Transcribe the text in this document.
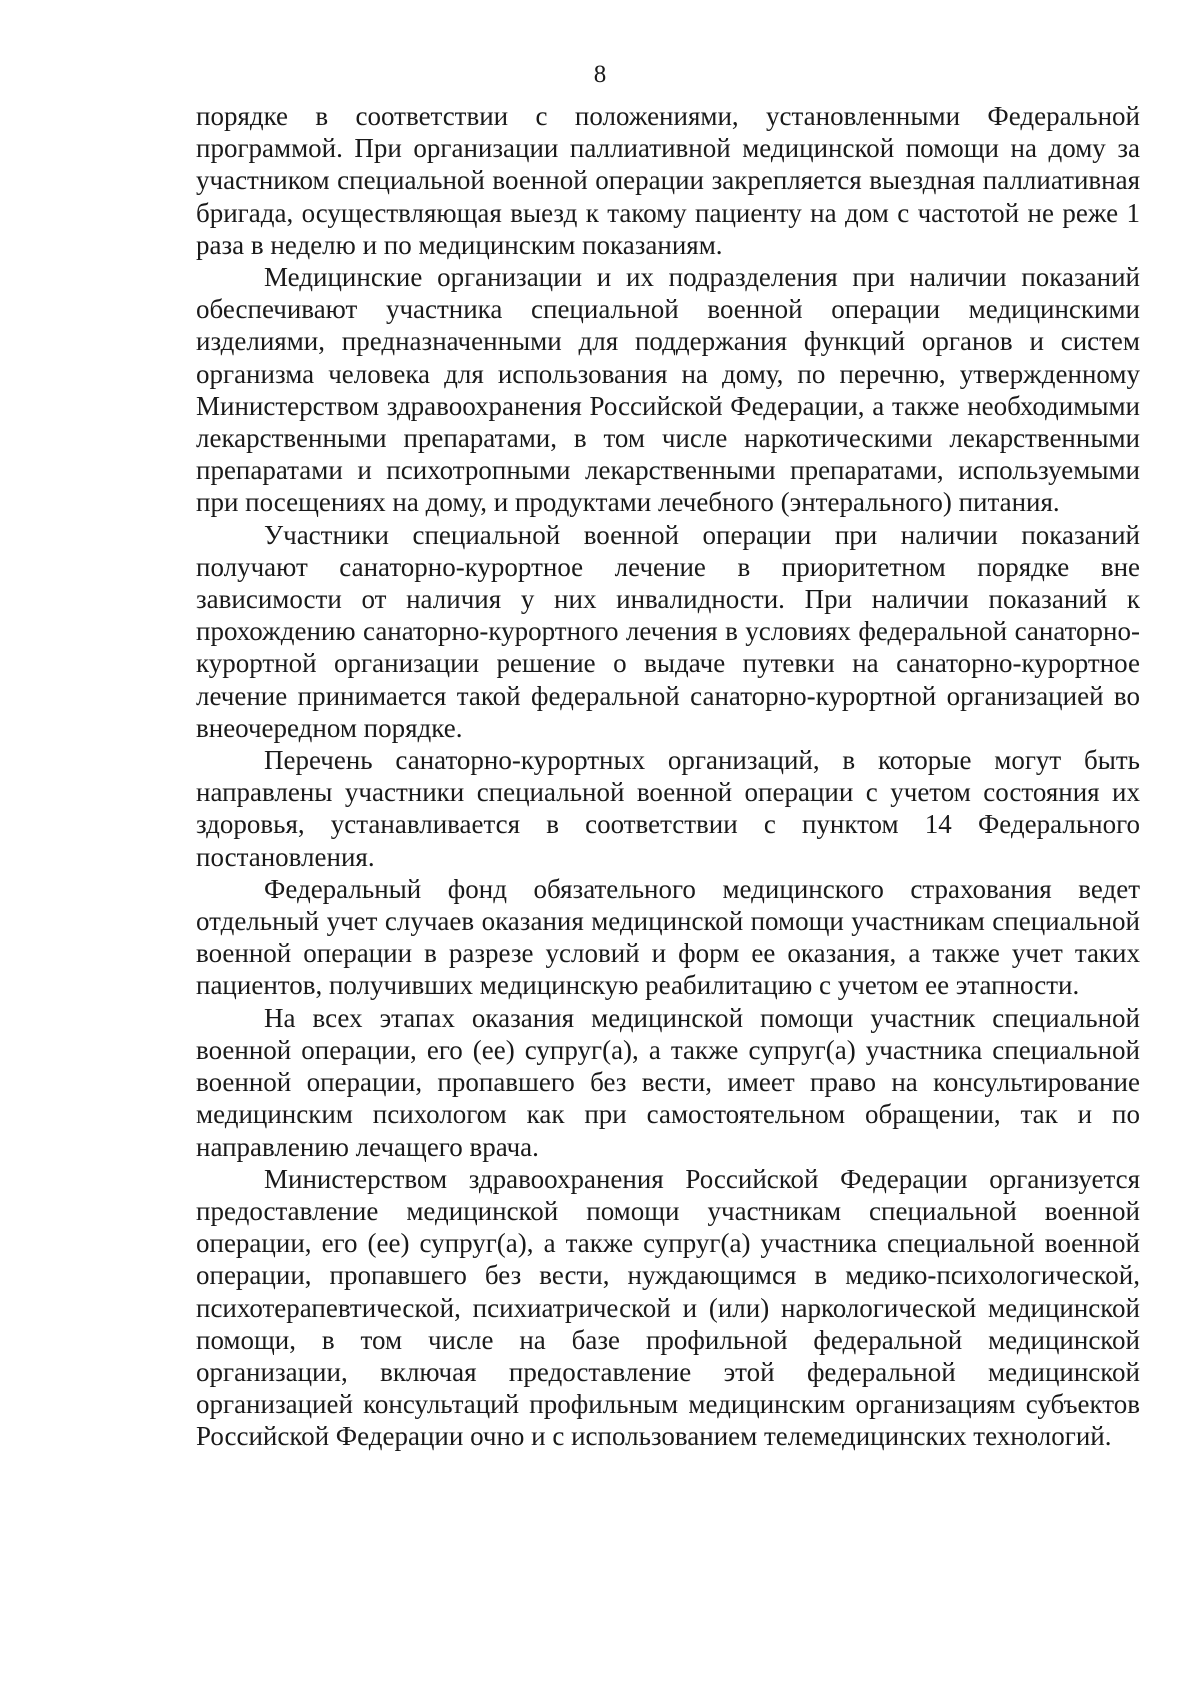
8

порядке в соответствии с положениями, установленными Федеральной программой. При организации паллиативной медицинской помощи на дому за участником специальной военной операции закрепляется выездная паллиативная бригада, осуществляющая выезд к такому пациенту на дом с частотой не реже 1 раза в неделю и по медицинским показаниям.

Медицинские организации и их подразделения при наличии показаний обеспечивают участника специальной военной операции медицинскими изделиями, предназначенными для поддержания функций органов и систем организма человека для использования на дому, по перечню, утвержденному Министерством здравоохранения Российской Федерации, а также необходимыми лекарственными препаратами, в том числе наркотическими лекарственными препаратами и психотропными лекарственными препаратами, используемыми при посещениях на дому, и продуктами лечебного (энтерального) питания.

Участники специальной военной операции при наличии показаний получают санаторно-курортное лечение в приоритетном порядке вне зависимости от наличия у них инвалидности. При наличии показаний к прохождению санаторно-курортного лечения в условиях федеральной санаторно-курортной организации решение о выдаче путевки на санаторно-курортное лечение принимается такой федеральной санаторно-курортной организацией во внеочередном порядке.

Перечень санаторно-курортных организаций, в которые могут быть направлены участники специальной военной операции с учетом состояния их здоровья, устанавливается в соответствии с пунктом 14 Федерального постановления.

Федеральный фонд обязательного медицинского страхования ведет отдельный учет случаев оказания медицинской помощи участникам специальной военной операции в разрезе условий и форм ее оказания, а также учет таких пациентов, получивших медицинскую реабилитацию с учетом ее этапности.

На всех этапах оказания медицинской помощи участник специальной военной операции, его (ее) супруг(а), а также супруг(а) участника специальной военной операции, пропавшего без вести, имеет право на консультирование медицинским психологом как при самостоятельном обращении, так и по направлению лечащего врача.

Министерством здравоохранения Российской Федерации организуется предоставление медицинской помощи участникам специальной военной операции, его (ее) супруг(а), а также супруг(а) участника специальной военной операции, пропавшего без вести, нуждающимся в медико-психологической, психотерапевтической, психиатрической и (или) наркологической медицинской помощи, в том числе на базе профильной федеральной медицинской организации, включая предоставление этой федеральной медицинской организацией консультаций профильным медицинским организациям субъектов Российской Федерации очно и с использованием телемедицинских технологий.
